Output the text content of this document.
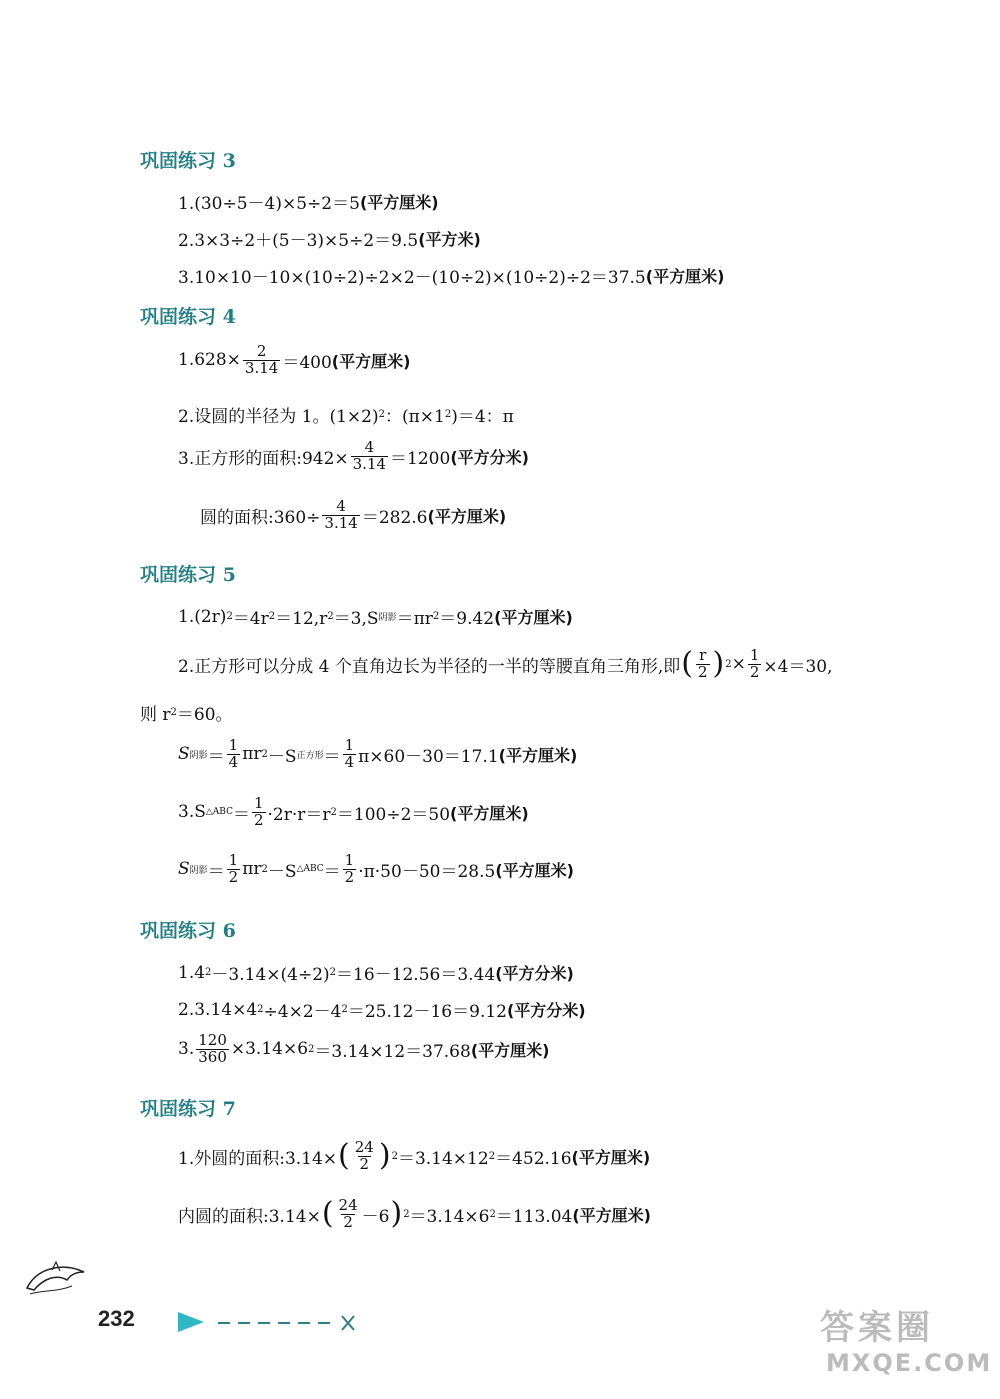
巩固练习 3
1.(30÷5－4)×5÷2＝5 (平方厘米)
2.3×3÷2＋(5－3)×5÷2＝9.5 (平方米)
3.10×10－10×(10÷2)÷2×2－(10÷2)×(10÷2)÷2＝37.5 (平方厘米)
巩固练习 4
$1.628\times \frac{2}{3.14} =400$ (平方厘米)
2.设圆的半径为 1。(1×2) 2 ：(π×1 2 )＝4：π
3.正方形的面积:942× $\frac{4}{3.14} =1200$ (平方分米)
圆的面积:360÷ $\frac{4}{3.14} =282.6$ (平方厘米)
巩固练习 5
1.(2r) 2 ＝4r 2 ＝12,r 2 ＝3,S 阴影 ＝πr 2 ＝9.42 (平方厘米)
2.正方形可以分成 4 个直角边长为半径的一半的等腰直角三角形,即 ( $\frac{r}{2}$ ) $2 \times \frac{1}{2} \times 4=30$,
则 r 2 ＝60。
S 阴影 ＝ $\frac{1}{4}$ πr 2 －S 正方形 ＝ $\frac{1}{4} \pi\times 60-30=17.1$ (平方厘米)
3.S △ABC ＝ $\frac{1}{2} \cdot 2r\cdot r=r$ 2 ＝100÷2＝50 (平方厘米)
S 阴影 ＝ $\frac{1}{2}$ πr 2 －S △ABC ＝ $\frac{1}{2} \cdot\pi\cdot 50-50=28.5$ (平方厘米)
巩固练习 6
1.4 2 －3.14×(4÷2) 2 ＝16－12.56＝3.44 (平方分米)
2.3.14×4 2 ÷4×2－4 2 ＝25.12－16＝9.12 (平方分米)
3. $\frac{120}{360} \times 3.14\times 6$ 2 ＝3.14×12＝37.68 (平方厘米)
巩固练习 7
1.外圆的面积:3.14× ( $\frac{24}{2}$ ) 2 ＝3.14×12 2 ＝452.16 (平方厘米)
内圆的面积:3.14× ( $\frac{24}{2} -6$ ) 2 ＝3.14×6 2 ＝113.04 (平方厘米)
232	答案圈
MXQE.COM
